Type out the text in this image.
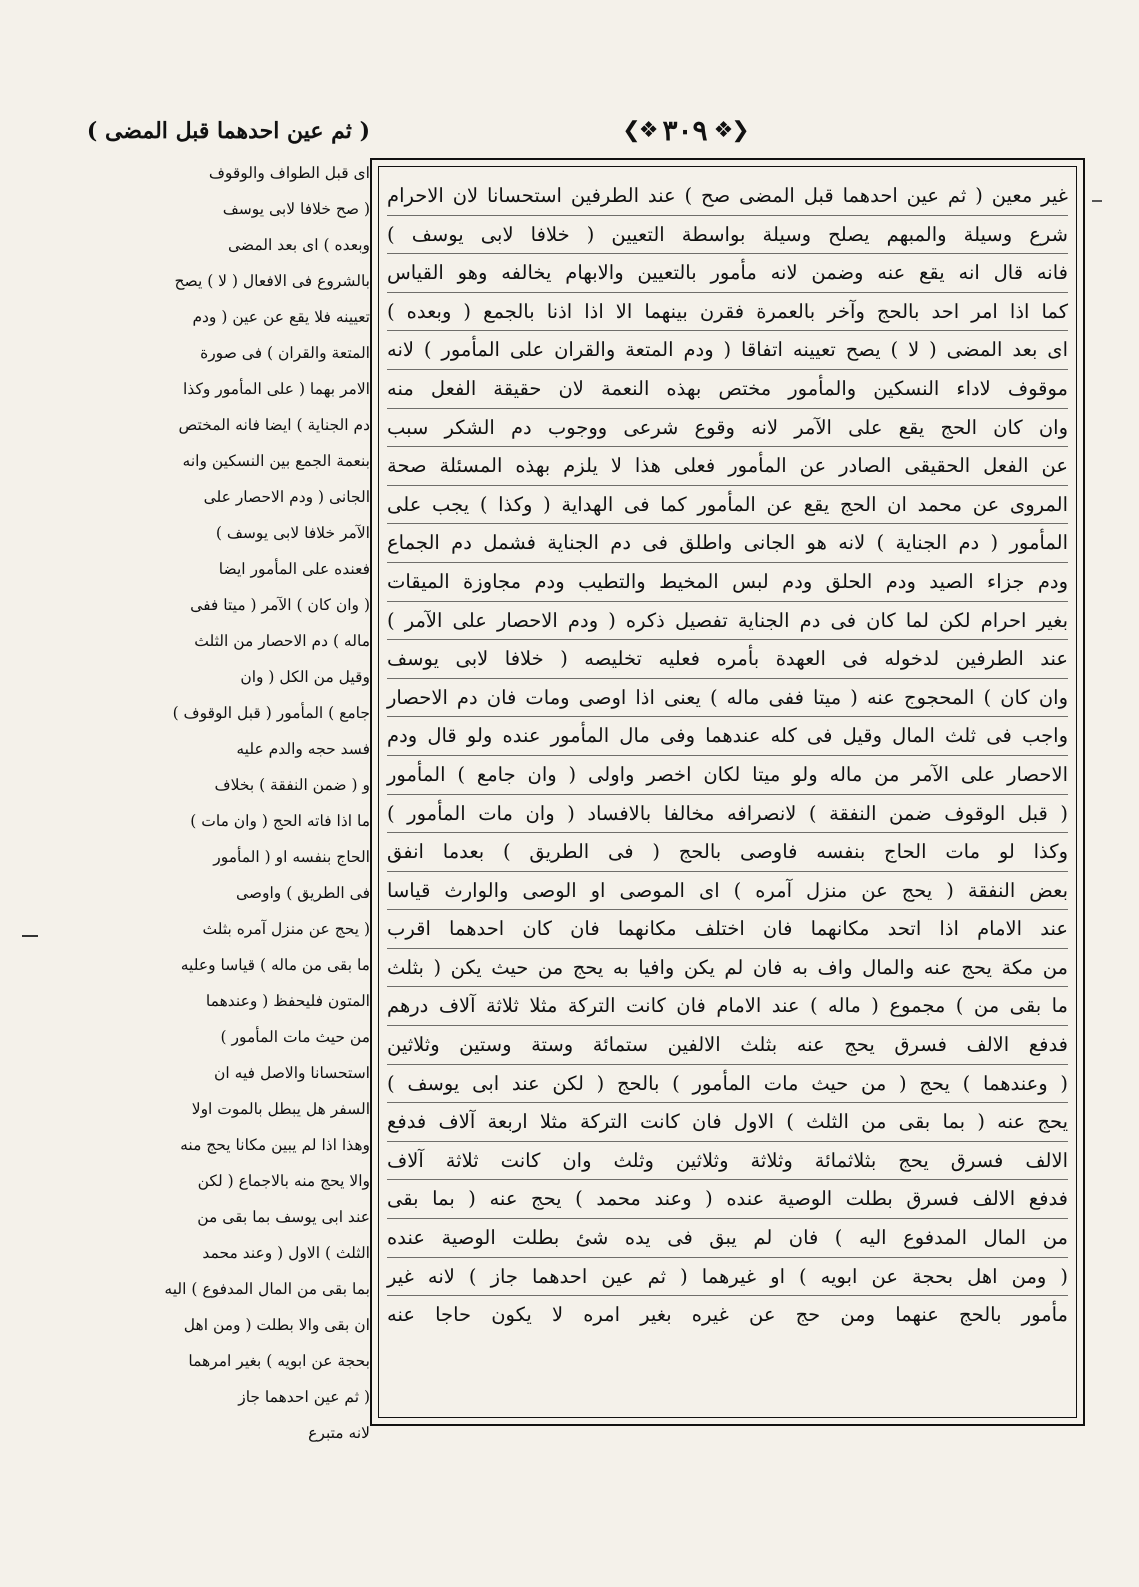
❮❖ ٣٠٩ ❖❯
( ثم عين احدهما قبل المضى )
اى قبل الطواف والوقوف
( صح خلافا لابى يوسف
وبعده ) اى بعد المضى
بالشروع فى الافعال ( لا ) يصح
تعيينه فلا يقع عن عين ( ودم
المتعة والقران ) فى صورة
الامر بهما ( على المأمور وكذا
دم الجناية ) ايضا فانه المختص
بنعمة الجمع بين النسكين وانه
الجانى ( ودم الاحصار على
الآمر خلافا لابى يوسف )
فعنده على المأمور ايضا
( وان كان ) الآمر ( ميتا ففى
ماله ) دم الاحصار من الثلث
وقيل من الكل ( وان
جامع ) المأمور ( قبل الوقوف )
فسد حجه والدم عليه
و ( ضمن النفقة ) بخلاف
ما اذا فاته الحج ( وان مات )
الحاج بنفسه او ( المأمور
فى الطريق ) واوصى
( يحج عن منزل آمره بثلث
ما بقى من ماله ) قياسا وعليه
المتون فليحفظ ( وعندهما
من حيث مات المأمور )
استحسانا والاصل فيه ان
السفر هل يبطل بالموت اولا
وهذا اذا لم يبين مكانا يحج منه
والا يحج منه بالاجماع ( لكن
عند ابى يوسف بما بقى من
الثلث ) الاول ( وعند محمد
بما بقى من المال المدفوع ) اليه
ان بقى والا بطلت ( ومن اهل
بحجة عن ابويه ) بغير امرهما
( ثم عين احدهما جاز
لانه متبرع
غير معين ( ثم عين احدهما قبل المضى صح ) عند الطرفين استحسانا لان الاحرام
شرع وسيلة والمبهم يصلح وسيلة بواسطة التعيين ( خلافا لابى يوسف )
فانه قال انه يقع عنه وضمن لانه مأمور بالتعيين والابهام يخالفه وهو القياس
كما اذا امر احد بالحج وآخر بالعمرة فقرن بينهما الا اذا اذنا بالجمع ( وبعده )
اى بعد المضى ( لا ) يصح تعيينه اتفاقا ( ودم المتعة والقران على المأمور ) لانه
موقوف لاداء النسكين والمأمور مختص بهذه النعمة لان حقيقة الفعل منه
وان كان الحج يقع على الآمر لانه وقوع شرعى ووجوب دم الشكر سبب
عن الفعل الحقيقى الصادر عن المأمور فعلى هذا لا يلزم بهذه المسئلة صحة
المروى عن محمد ان الحج يقع عن المأمور كما فى الهداية ( وكذا ) يجب على
المأمور ( دم الجناية ) لانه هو الجانى واطلق فى دم الجناية فشمل دم الجماع
ودم جزاء الصيد ودم الحلق ودم لبس المخيط والتطيب ودم مجاوزة الميقات
بغير احرام لكن لما كان فى دم الجناية تفصيل ذكره ( ودم الاحصار على الآمر )
عند الطرفين لدخوله فى العهدة بأمره فعليه تخليصه ( خلافا لابى يوسف
وان كان ) المحجوج عنه ( ميتا ففى ماله ) يعنى اذا اوصى ومات فان دم الاحصار
واجب فى ثلث المال وقيل فى كله عندهما وفى مال المأمور عنده ولو قال ودم
الاحصار على الآمر من ماله ولو ميتا لكان اخصر واولى ( وان جامع ) المأمور
( قبل الوقوف ضمن النفقة ) لانصرافه مخالفا بالافساد ( وان مات المأمور )
وكذا لو مات الحاج بنفسه فاوصى بالحج ( فى الطريق ) بعدما انفق
بعض النفقة ( يحج عن منزل آمره ) اى الموصى او الوصى والوارث قياسا
عند الامام اذا اتحد مكانهما فان اختلف مكانهما فان كان احدهما اقرب
من مكة يحج عنه والمال واف به فان لم يكن وافيا به يحج من حيث يكن ( بثلث
ما بقى من ) مجموع ( ماله ) عند الامام فان كانت التركة مثلا ثلاثة آلاف درهم
فدفع الالف فسرق يحج عنه بثلث الالفين ستمائة وستة وستين وثلاثين
( وعندهما ) يحج ( من حيث مات المأمور ) بالحج ( لكن عند ابى يوسف )
يحج عنه ( بما بقى من الثلث ) الاول فان كانت التركة مثلا اربعة آلاف فدفع
الالف فسرق يحج بثلاثمائة وثلاثة وثلاثين وثلث وان كانت ثلاثة آلاف
فدفع الالف فسرق بطلت الوصية عنده ( وعند محمد ) يحج عنه ( بما بقى
من المال المدفوع اليه ) فان لم يبق فى يده شئ بطلت الوصية عنده
( ومن اهل بحجة عن ابويه ) او غيرهما ( ثم عين احدهما جاز ) لانه غير
مأمور بالحج عنهما ومن حج عن غيره بغير امره لا يكون حاجا عنه
